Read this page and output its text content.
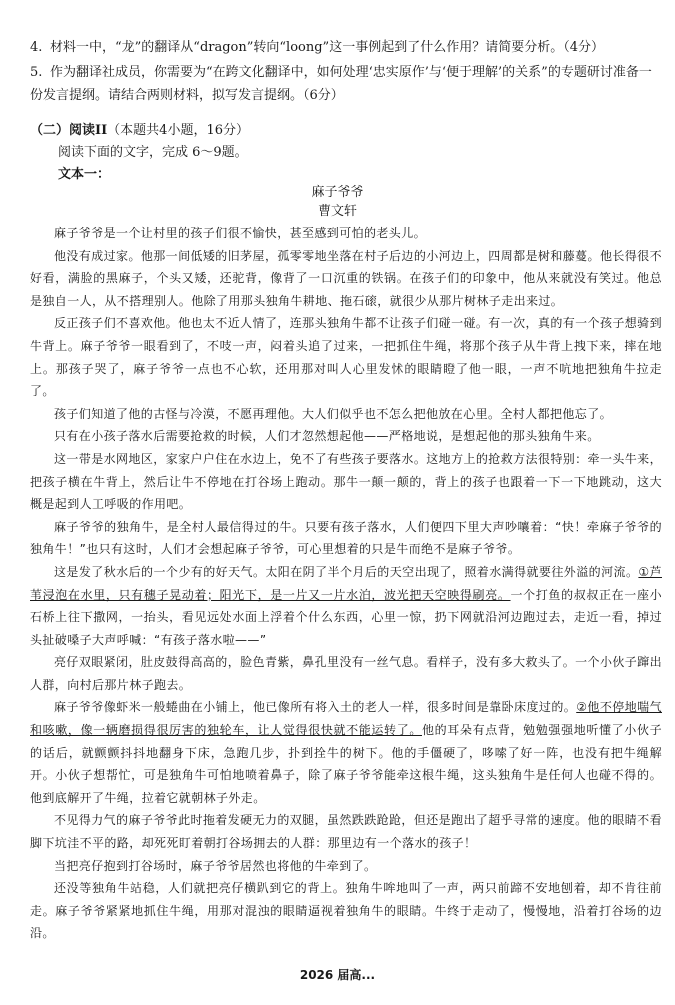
4. 材料一中，“龙”的翻译从“dragon”转向“loong”这一事例起到了什么作用？请简要分析。（4分）
5. 作为翻译社成员，你需要为“在跨文化翻译中，如何处理‘忠实原作’与‘便于理解’的关系”的专题研讨准备一份发言提纲。请结合两则材料，拟写发言提纲。（6分）
（二）阅读II（本题共4小题，16分）
阅读下面的文字，完成 6～9题。
文本一：
麻子爷爷
曹文轩

麻子爷爷是一个让村里的孩子们很不愉快，甚至感到可怕的老头儿。

他没有成过家。他那一间低矮的旧茅屋，孤零零地坐落在村子后边的小河边上，四周都是树和藤蔓。他长得很不好看，满脸的黑麻子，个头又矮，还驼背，像背了一口沉重的铁锅。在孩子们的印象中，他从来就没有笑过。他总是独自一人，从不搭理别人。他除了用那头独角牛耕地、拖石磙，就很少从那片树林子走出来过。

反正孩子们不喜欢他。他也太不近人情了，连那头独角牛都不让孩子们碰一碰。有一次，真的有一个孩子想骑到牛背上。麻子爷爷一眼看到了，不吱一声，闷着头追了过来，一把抓住牛绳，将那个孩子从牛背上拽下来，摔在地上。那孩子哭了，麻子爷爷一点也不心软，还用那对叫人心里发怵的眼睛瞪了他一眼，一声不吭地把独角牛拉走了。

孩子们知道了他的古怪与冷漠，不愿再理他。大人们似乎也不怎么把他放在心里。全村人都把他忘了。

只有在小孩子落水后需要抢救的时候，人们才忽然想起他——严格地说，是想起他的那头独角牛来。

这一带是水网地区，家家户户住在水边上，免不了有些孩子要落水。这地方上的抢救方法很特别：牵一头牛来，把孩子横在牛背上，然后让牛不停地在打谷场上跑动。那牛一颠一颠的，背上的孩子也跟着一下一下地跳动，这大概是起到人工呼吸的作用吧。

麻子爷爷的独角牛，是全村人最信得过的牛。只要有孩子落水，人们便四下里大声吵嚷着：“快！牵麻子爷爷的独角牛！”也只有这时，人们才会想起麻子爷爷，可心里想着的只是牛而绝不是麻子爷爷。

这是发了秋水后的一个少有的好天气。太阳在阴了半个月后的天空出现了，照着水满得就要往外溢的河流。①芦苇浸泡在水里，只有穗子晃动着；阳光下，是一片又一片水泊，波光把天空映得刷亮。一个打鱼的叔叔正在一座小石桥上往下撒网，一抬头，看见远处水面上浮着个什么东西，心里一惊，扔下网就沿河边跑过去，走近一看，掉过头扯破嗓子大声呼喊：“有孩子落水啦——”

亮仔双眼紧闭，肚皮鼓得高高的，脸色青紫，鼻孔里没有一丝气息。看样子，没有多大救头了。一个小伙子蹿出人群，向村后那片林子跑去。

麻子爷爷像虾米一般蜷曲在小铺上，他已像所有将入土的老人一样，很多时间是靠卧床度过的。②他不停地喘气和咳嗽，像一辆磨损得很厉害的独轮车，让人觉得很快就不能运转了。他的耳朵有点背，勉勉强强地听懂了小伙子的话后，就颤颤抖抖地翻身下床，急跑几步，扑到拴牛的树下。他的手僵硬了，哆嗦了好一阵，也没有把牛绳解开。小伙子想帮忙，可是独角牛可怕地喷着鼻子，除了麻子爷爷能牵这根牛绳，这头独角牛是任何人也碰不得的。他到底解开了牛绳，拉着它就朝林子外走。

不见得力气的麻子爷爷此时拖着发硬无力的双腿，虽然跌跌跄跄，但还是跑出了超乎寻常的速度。他的眼睛不看脚下坑洼不平的路，却死死盯着朝打谷场拥去的人群：那里边有一个落水的孩子！

当把亮仔抱到打谷场时，麻子爷爷居然也将他的牛牵到了。

还没等独角牛站稳，人们就把亮仔横趴到它的背上。独角牛哞地叫了一声，两只前蹄不安地刨着，却不肯往前走。麻子爷爷紧紧地抓住牛绳，用那对混浊的眼睛逼视着独角牛的眼睛。牛终于走动了，慢慢地，沿着打谷场的边沿。

2026 届高...
